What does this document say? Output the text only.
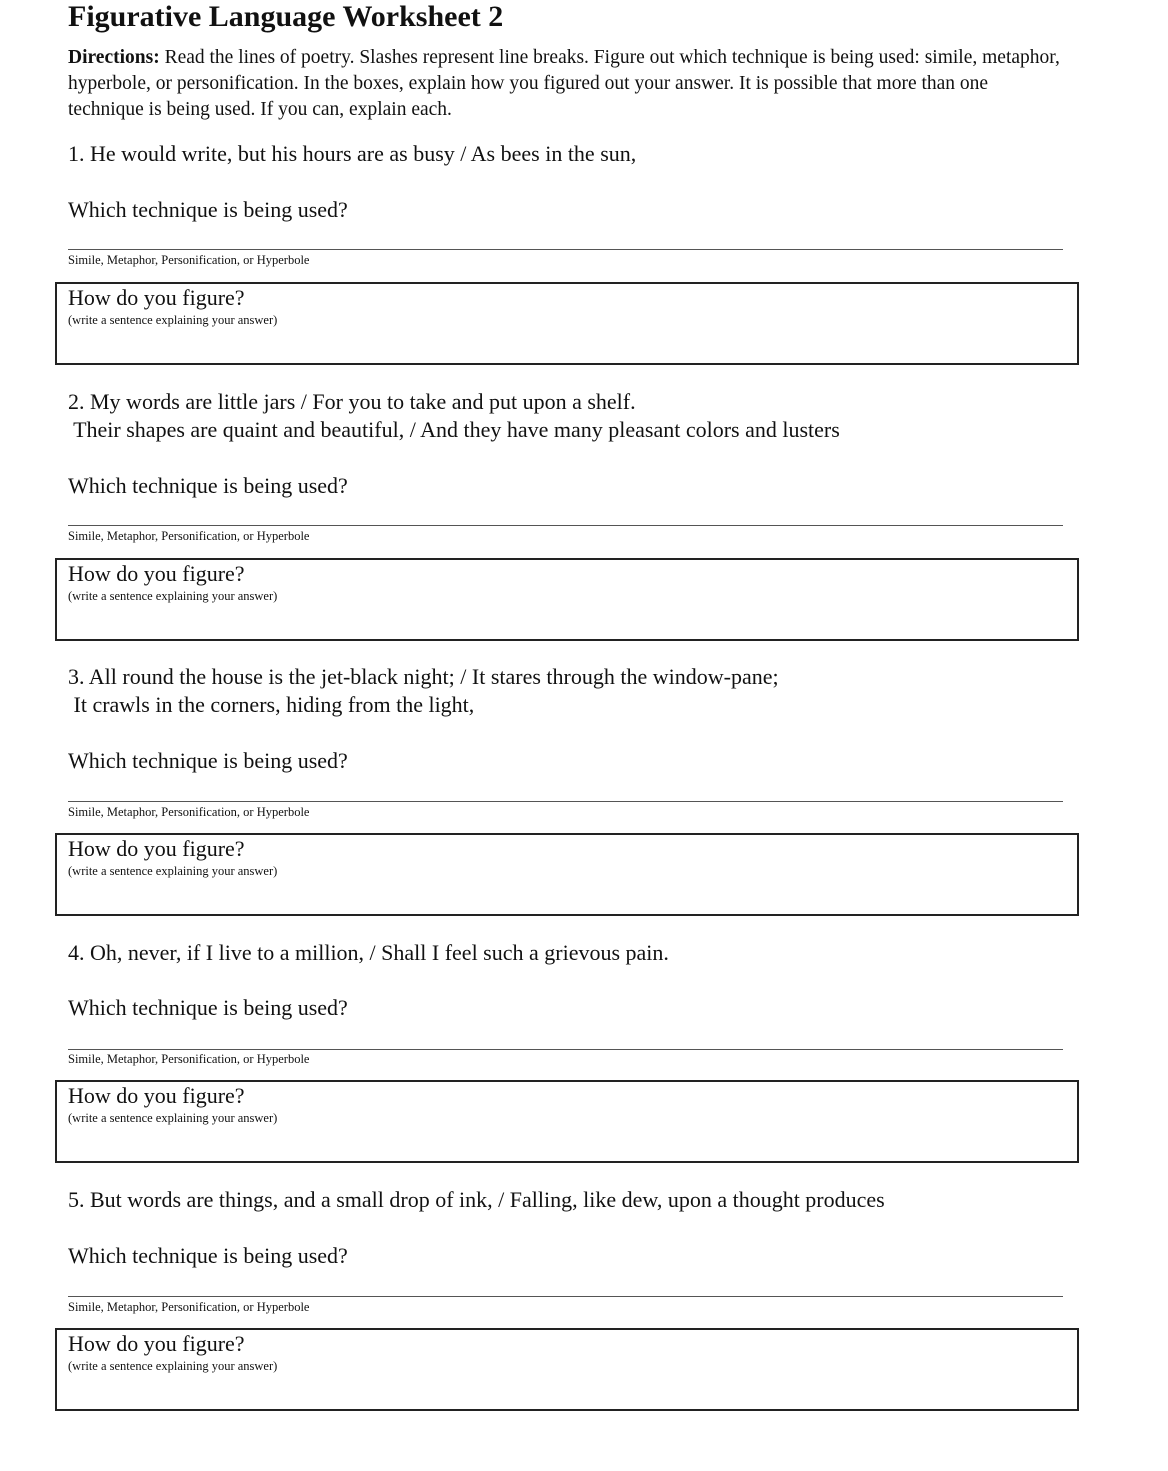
Figurative Language Worksheet 2
Directions: Read the lines of poetry. Slashes represent line breaks. Figure out which technique is being used: simile, metaphor, hyperbole, or personification. In the boxes, explain how you figured out your answer. It is possible that more than one technique is being used. If you can, explain each.
1. He would write, but his hours are as busy / As bees in the sun,
Which technique is being used?
Simile, Metaphor, Personification, or Hyperbole
How do you figure?
(write a sentence explaining your answer)
2. My words are little jars / For you to take and put upon a shelf.
Their shapes are quaint and beautiful, / And they have many pleasant colors and lusters
Which technique is being used?
Simile, Metaphor, Personification, or Hyperbole
How do you figure?
(write a sentence explaining your answer)
3. All round the house is the jet-black night; / It stares through the window-pane;
It crawls in the corners, hiding from the light,
Which technique is being used?
Simile, Metaphor, Personification, or Hyperbole
How do you figure?
(write a sentence explaining your answer)
4. Oh, never, if I live to a million, / Shall I feel such a grievous pain.
Which technique is being used?
Simile, Metaphor, Personification, or Hyperbole
How do you figure?
(write a sentence explaining your answer)
5. But words are things, and a small drop of ink, / Falling, like dew, upon a thought produces
Which technique is being used?
Simile, Metaphor, Personification, or Hyperbole
How do you figure?
(write a sentence explaining your answer)
